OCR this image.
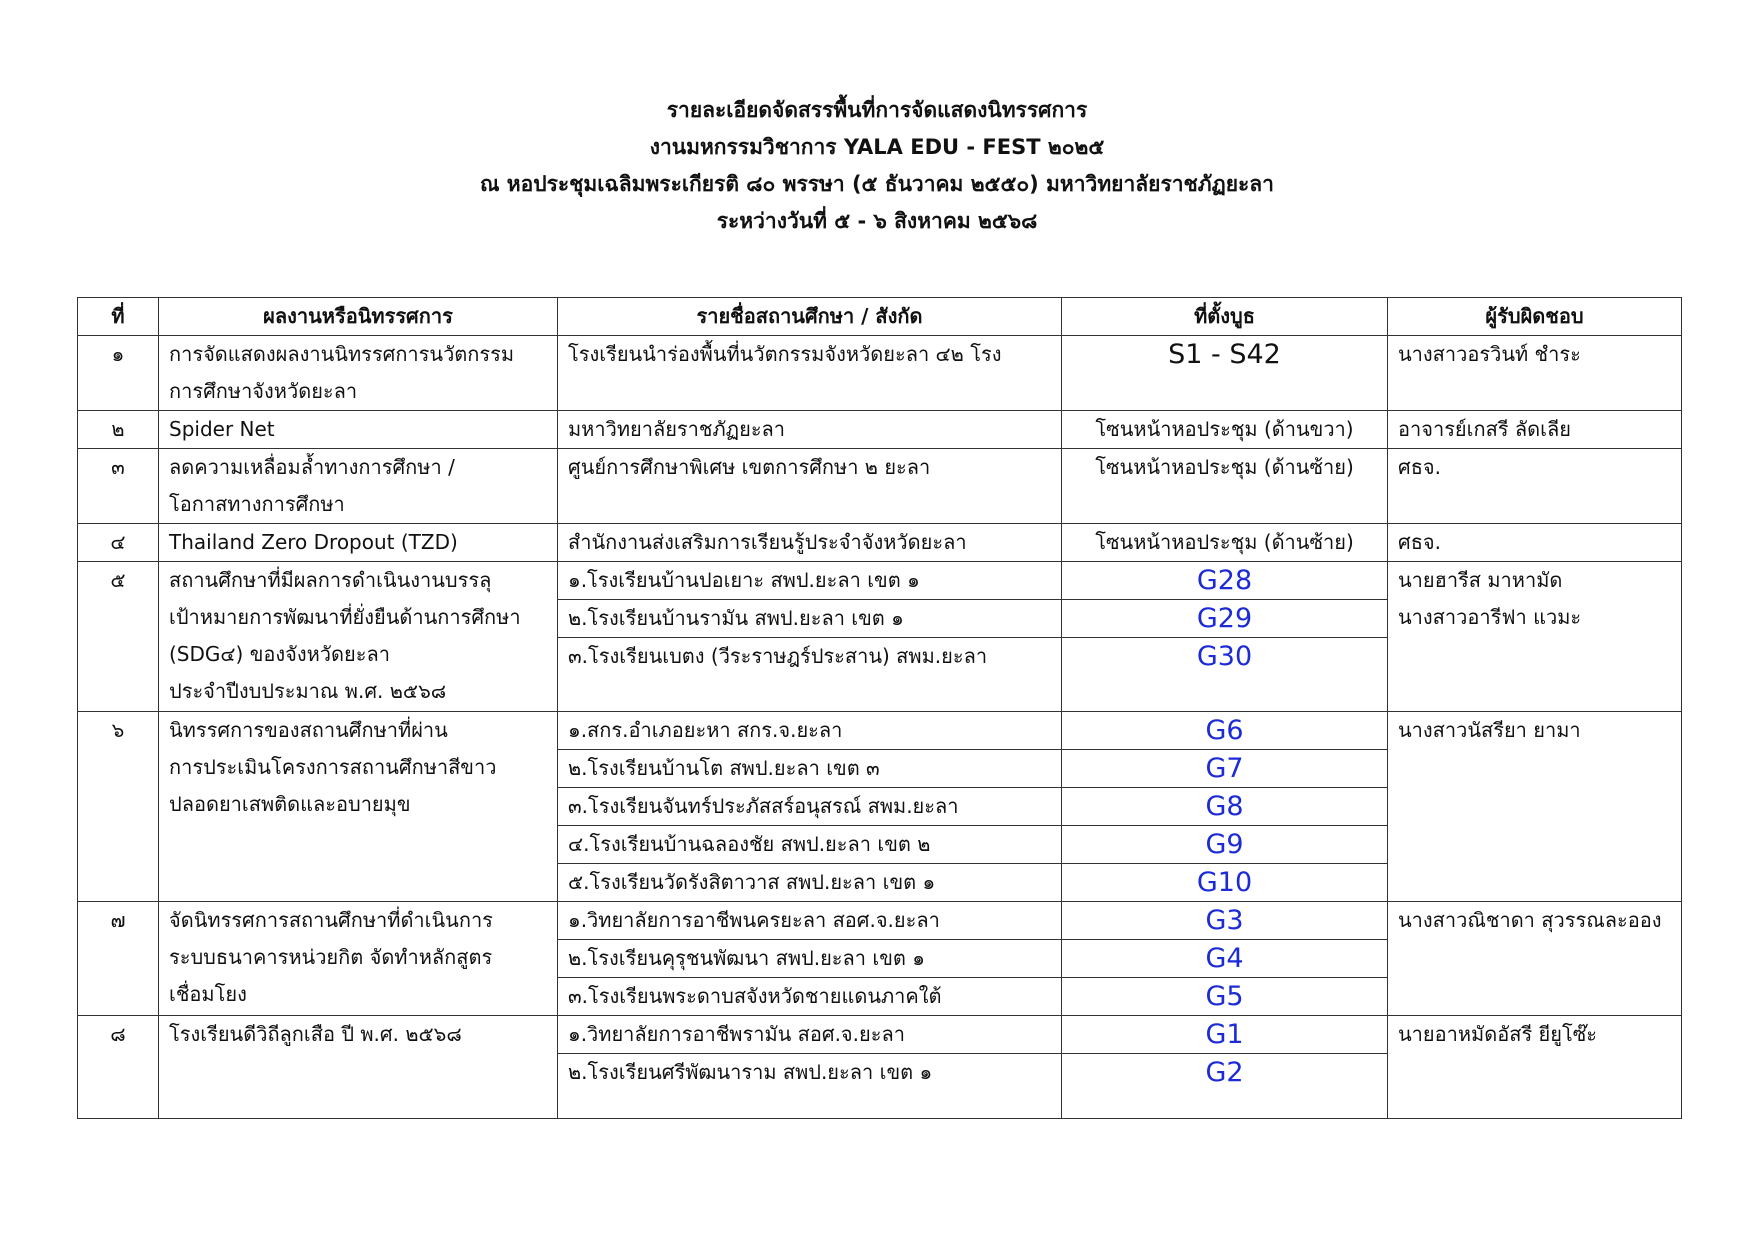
รายละเอียดจัดสรรพื้นที่การจัดแสดงนิทรรศการ
งานมหกรรมวิชาการ YALA EDU - FEST ๒๐๒๕
ณ หอประชุมเฉลิมพระเกียรติ ๘๐ พรรษา (๕ ธันวาคม ๒๕๕๐) มหาวิทยาลัยราชภัฏยะลา
ระหว่างวันที่ ๕ - ๖ สิงหาคม ๒๕๖๘
ที่	ผลงานหรือนิทรรศการ	รายชื่อสถานศึกษา / สังกัด	ที่ตั้งบูธ	ผู้รับผิดชอบ
๑	การจัดแสดงผลงานนิทรรศการนวัตกรรม
การศึกษาจังหวัดยะลา	โรงเรียนนำร่องพื้นที่นวัตกรรมจังหวัดยะลา ๔๒ โรง	S1 - S42	นางสาวอรวินท์ ชำระ

๒	Spider Net	มหาวิทยาลัยราชภัฏยะลา	โซนหน้าหอประชุม (ด้านขวา)	อาจารย์เกสรี ลัดเลีย

๓	ลดความเหลื่อมล้ำทางการศึกษา /
โอกาสทางการศึกษา	ศูนย์การศึกษาพิเศษ เขตการศึกษา ๒ ยะลา	โซนหน้าหอประชุม (ด้านซ้าย)	ศธจ.

๔	Thailand Zero Dropout (TZD)	สำนักงานส่งเสริมการเรียนรู้ประจำจังหวัดยะลา	โซนหน้าหอประชุม (ด้านซ้าย)	ศธจ.

๕	สถานศึกษาที่มีผลการดำเนินงานบรรลุ
เป้าหมายการพัฒนาที่ยั่งยืนด้านการศึกษา
(SDG๔) ของจังหวัดยะลา
ประจำปีงบประมาณ พ.ศ. ๒๕๖๘	๑.โรงเรียนบ้านปอเยาะ สพป.ยะลา เขต ๑	G28	นายฮารีส มาหามัด
นางสาวอารีฟา แวมะ

		๒.โรงเรียนบ้านรามัน สพป.ยะลา เขต ๑	G29	
		๓.โรงเรียนเบตง (วีระราษฎร์ประสาน) สพม.ยะลา	G30	
๖	นิทรรศการของสถานศึกษาที่ผ่าน
การประเมินโครงการสถานศึกษาสีขาว
ปลอดยาเสพติดและอบายมุข	๑.สกร.อำเภอยะหา สกร.จ.ยะลา	G6	นางสาวนัสรียา ยามา

		๒.โรงเรียนบ้านโต สพป.ยะลา เขต ๓	G7	
		๓.โรงเรียนจันทร์ประภัสสร์อนุสรณ์ สพม.ยะลา	G8	
		๔.โรงเรียนบ้านฉลองชัย สพป.ยะลา เขต ๒	G9	
		๕.โรงเรียนวัดรังสิตาวาส สพป.ยะลา เขต ๑	G10	
๗	จัดนิทรรศการสถานศึกษาที่ดำเนินการ
ระบบธนาคารหน่วยกิต จัดทำหลักสูตร
เชื่อมโยง	๑.วิทยาลัยการอาชีพนครยะลา สอศ.จ.ยะลา	G3	นางสาวณิชาดา สุวรรณละออง

		๒.โรงเรียนคุรุชนพัฒนา สพป.ยะลา เขต ๑	G4	
		๓.โรงเรียนพระดาบสจังหวัดชายแดนภาคใต้	G5	
๘	โรงเรียนดีวิถีลูกเสือ ปี พ.ศ. ๒๕๖๘	๑.วิทยาลัยการอาชีพรามัน สอศ.จ.ยะลา	G1	นายอาหมัดอัสรี ยียูโซ๊ะ

		๒.โรงเรียนศรีพัฒนาราม สพป.ยะลา เขต ๑	G2	
